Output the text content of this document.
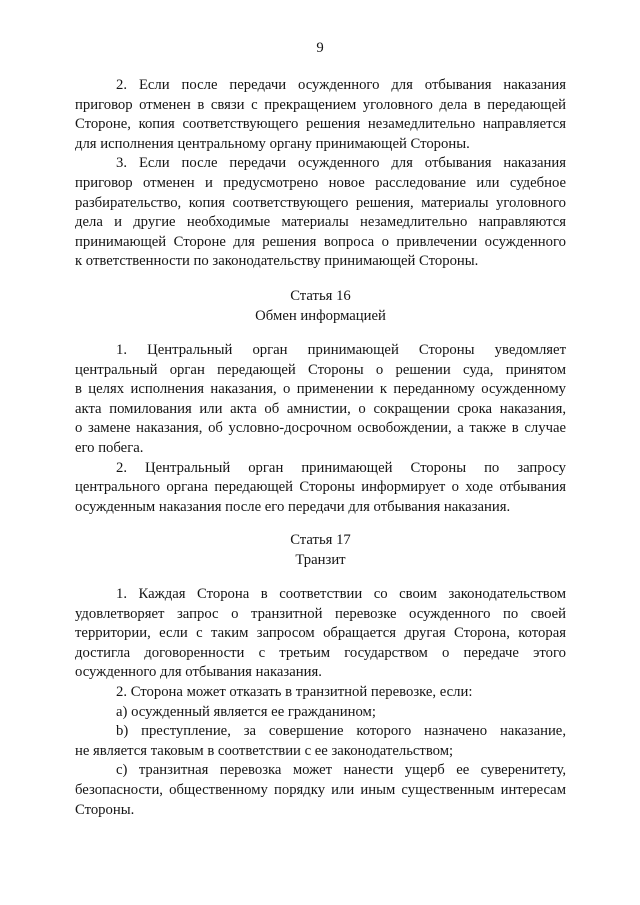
9
2. Если после передачи осужденного для отбывания наказания
приговор отменен в связи с прекращением уголовного дела в передающей
Стороне, копия соответствующего решения незамедлительно направляется
для исполнения центральному органу принимающей Стороны.
3. Если после передачи осужденного для отбывания наказания
приговор отменен и предусмотрено новое расследование или судебное
разбирательство, копия соответствующего решения, материалы уголовного
дела и другие необходимые материалы незамедлительно направляются
принимающей Стороне для решения вопроса о привлечении осужденного
к ответственности по законодательству принимающей Стороны.
Статья 16
Обмен информацией
1. Центральный орган принимающей Стороны уведомляет
центральный орган передающей Стороны о решении суда, принятом
в целях исполнения наказания, о применении к переданному осужденному
акта помилования или акта об амнистии, о сокращении срока наказания,
о замене наказания, об условно-досрочном освобождении, а также в случае
его побега.
2. Центральный орган принимающей Стороны по запросу
центрального органа передающей Стороны информирует о ходе отбывания
осужденным наказания после его передачи для отбывания наказания.
Статья 17
Транзит
1. Каждая Сторона в соответствии со своим законодательством
удовлетворяет запрос о транзитной перевозке осужденного по своей
территории, если с таким запросом обращается другая Сторона, которая
достигла договоренности с третьим государством о передаче этого
осужденного для отбывания наказания.
2. Сторона может отказать в транзитной перевозке, если:
a) осужденный является ее гражданином;
b) преступление, за совершение которого назначено наказание,
не является таковым в соответствии с ее законодательством;
c) транзитная перевозка может нанести ущерб ее суверенитету,
безопасности, общественному порядку или иным существенным интересам
Стороны.
